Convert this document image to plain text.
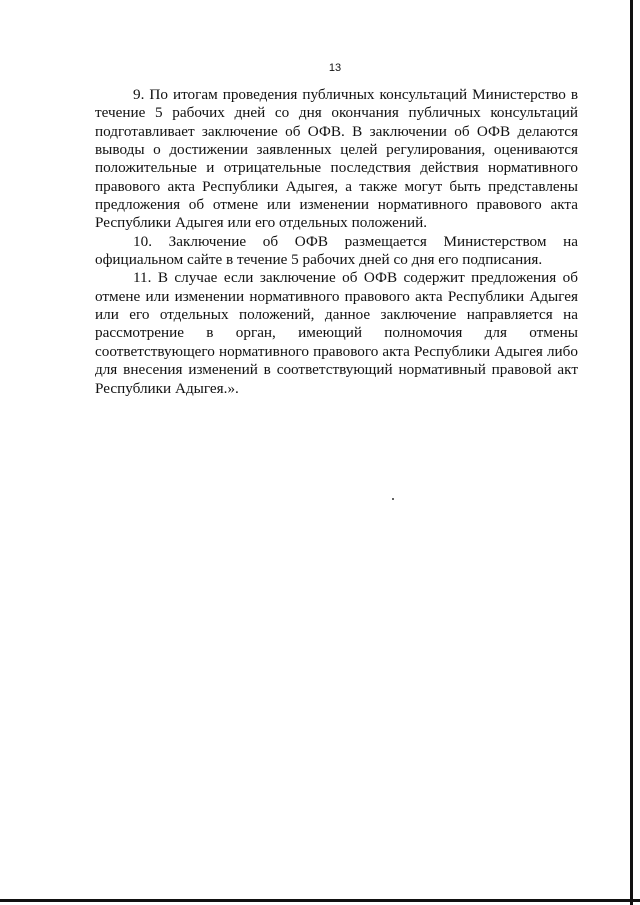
13

9. По итогам проведения публичных консультаций Министерство в течение 5 рабочих дней со дня окончания публичных консультаций подготавливает заключение об ОФВ. В заключении об ОФВ делаются выводы о достижении заявленных целей регулирования, оцениваются положительные и отрицательные последствия действия нормативного правового акта Республики Адыгея, а также могут быть представлены предложения об отмене или изменении нормативного правового акта Республики Адыгея или его отдельных положений.

10. Заключение об ОФВ размещается Министерством на официальном сайте в течение 5 рабочих дней со дня его подписания.

11. В случае если заключение об ОФВ содержит предложения об отмене или изменении нормативного правового акта Республики Адыгея или его отдельных положений, данное заключение направляется на рассмотрение в орган, имеющий полномочия для отмены соответствующего нормативного правового акта Республики Адыгея либо для внесения изменений в соответствующий нормативный правовой акт Республики Адыгея.».
